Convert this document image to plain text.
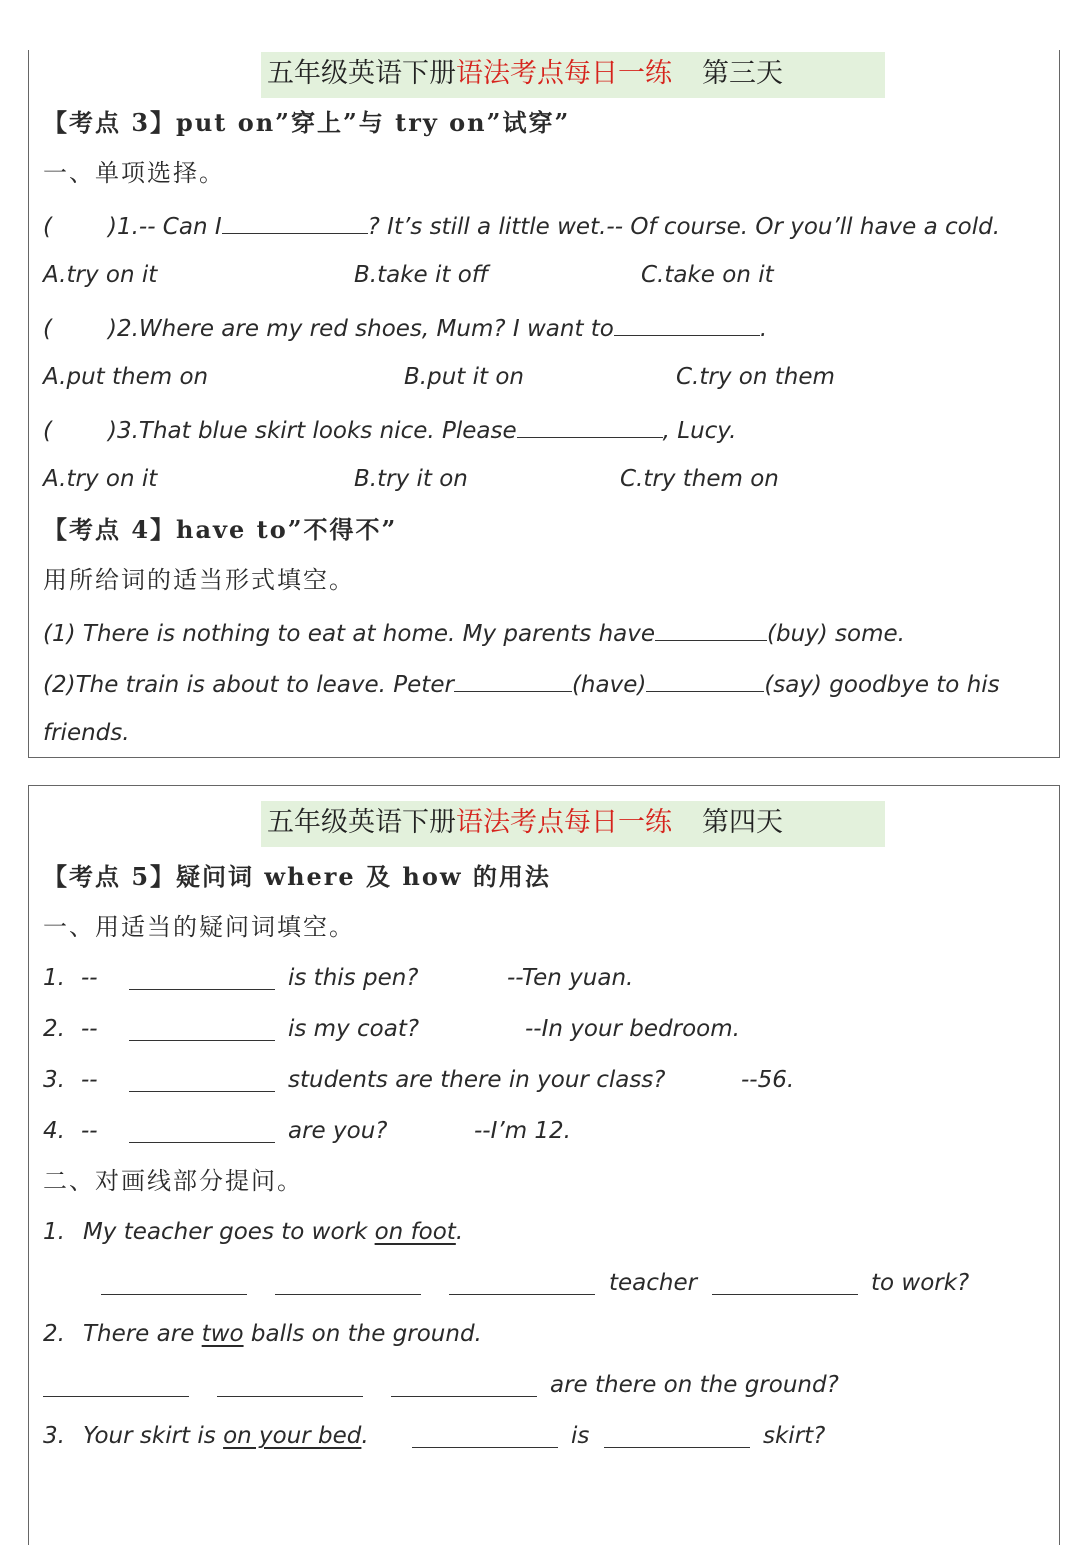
五年级英语下册语法考点每日一练 第三天
【考点 3】put on”穿上”与 try on”试穿”
一、单项选择。
( )1.-- Can I	? It’s still a little wet.-- Of course. Or you’ll have a cold.
A.try on it	B.take it off	C.take on it
( )2.Where are my red shoes, Mum? I want to	.
A.put them on	B.put it on	C.try on them
( )3.That blue skirt looks nice. Please	, Lucy.
A.try on it	B.try it on	C.try them on
【考点 4】have to”不得不”
用所给词的适当形式填空。
(1) There is nothing to eat at home. My parents have	(buy) some.
(2)The train is about to leave. Peter	(have)	(say) goodbye to his
friends.
五年级英语下册语法考点每日一练 第四天
【考点 5】疑问词 where 及 how 的用法
一、用适当的疑问词填空。
1. --	is this pen?	--Ten yuan.
2. --	is my coat?	--In your bedroom.
3. --	students are there in your class?	--56.
4. --	are you?	--I’m 12.
二、对画线部分提问。
1. My teacher goes to work on foot.
teacher	to work?
2. There are two balls on the ground.
are there on the ground?
3. Your skirt is on your bed.	is	skirt?
